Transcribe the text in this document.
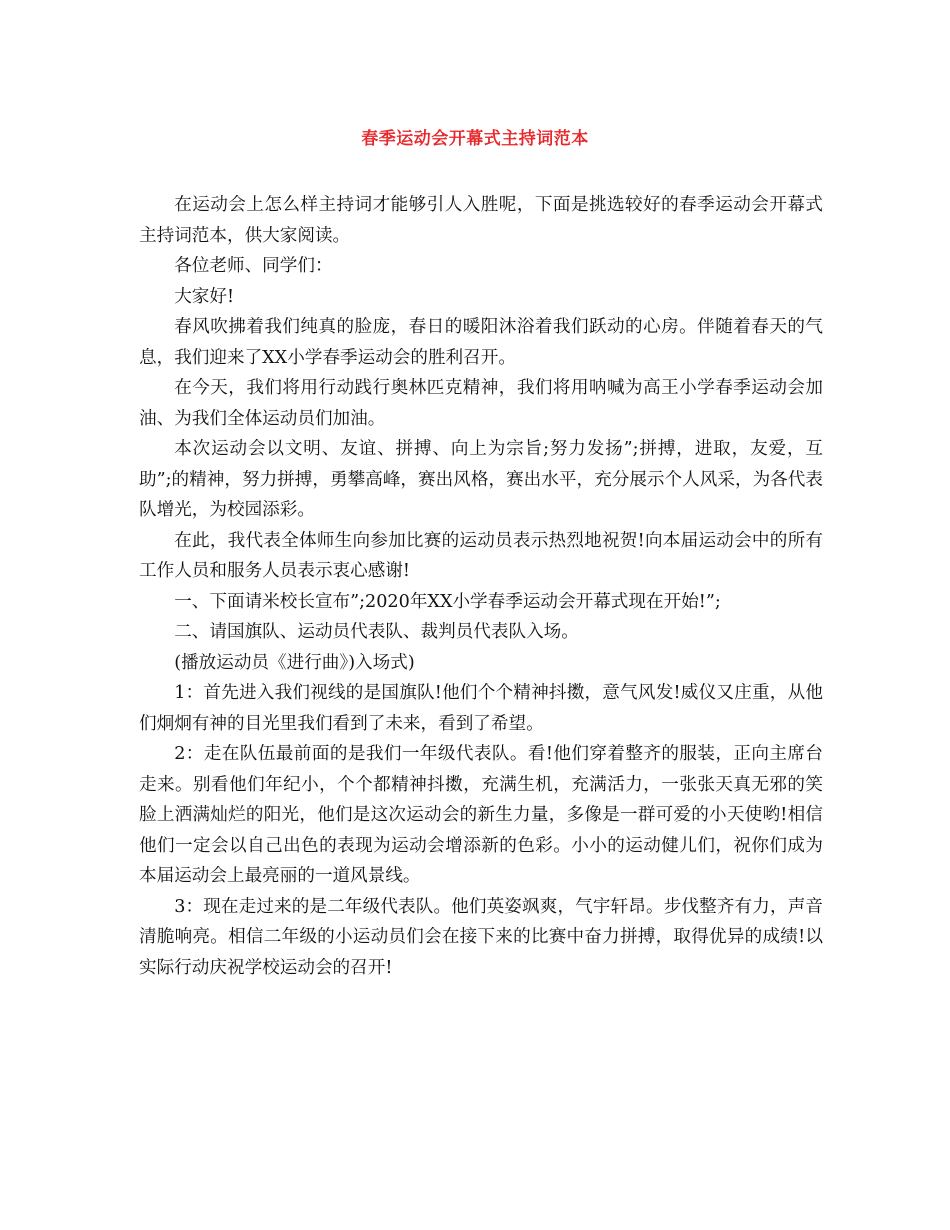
春季运动会开幕式主持词范本

在运动会上怎么样主持词才能够引人入胜呢，下面是挑选较好的春季运动会开幕式主持词范本，供大家阅读。

各位老师、同学们：

大家好!

春风吹拂着我们纯真的脸庞，春日的暖阳沐浴着我们跃动的心房。伴随着春天的气息，我们迎来了XX小学春季运动会的胜利召开。

在今天，我们将用行动践行奥林匹克精神，我们将用呐喊为高王小学春季运动会加油、为我们全体运动员们加油。

本次运动会以文明、友谊、拼搏、向上为宗旨;努力发扬”;拼搏，进取，友爱，互助”;的精神，努力拼搏，勇攀高峰，赛出风格，赛出水平，充分展示个人风采，为各代表队增光，为校园添彩。

在此，我代表全体师生向参加比赛的运动员表示热烈地祝贺!向本届运动会中的所有工作人员和服务人员表示衷心感谢!

一、下面请米校长宣布”;2020年XX小学春季运动会开幕式现在开始!”;

二、请国旗队、运动员代表队、裁判员代表队入场。

(播放运动员《进行曲》)入场式)

1：首先进入我们视线的是国旗队!他们个个精神抖擞，意气风发!威仪又庄重，从他们炯炯有神的目光里我们看到了未来，看到了希望。

2：走在队伍最前面的是我们一年级代表队。看!他们穿着整齐的服装，正向主席台走来。别看他们年纪小，个个都精神抖擞，充满生机，充满活力，一张张天真无邪的笑脸上洒满灿烂的阳光，他们是这次运动会的新生力量，多像是一群可爱的小天使哟!相信他们一定会以自己出色的表现为运动会增添新的色彩。小小的运动健儿们，祝你们成为本届运动会上最亮丽的一道风景线。

3：现在走过来的是二年级代表队。他们英姿飒爽，气宇轩昂。步伐整齐有力，声音清脆响亮。相信二年级的小运动员们会在接下来的比赛中奋力拼搏，取得优异的成绩!以实际行动庆祝学校运动会的召开!
